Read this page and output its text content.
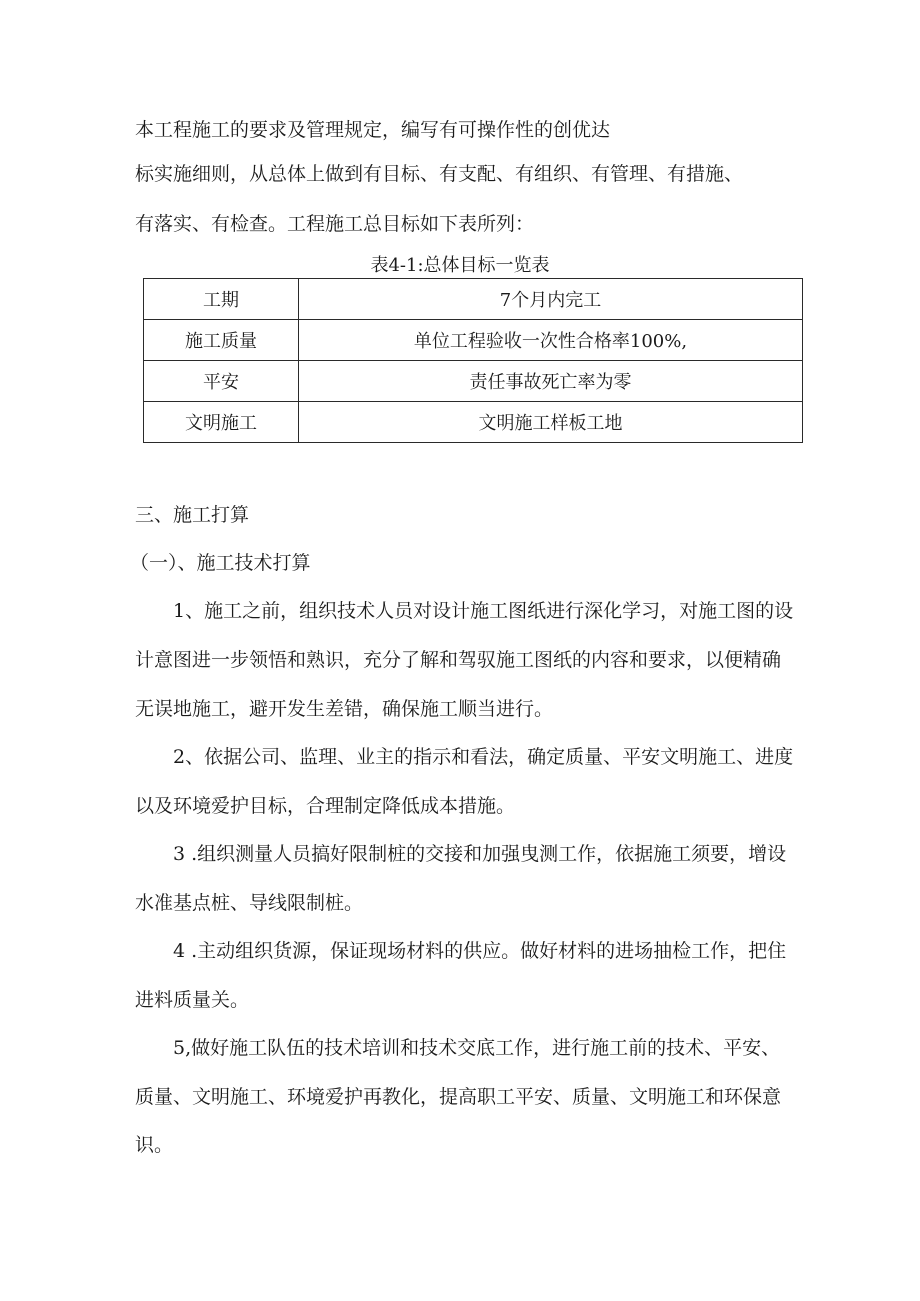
本工程施工的要求及管理规定，编写有可操作性的创优达

标实施细则，从总体上做到有目标、有支配、有组织、有管理、有措施、

有落实、有检查。工程施工总目标如下表所列：

表4-1:总体目标一览表
工期	7个月内完工
施工质量	单位工程验收一次性合格率100%,
平安	责任事故死亡率为零
文明施工	文明施工样板工地

三、施工打算

（一）、施工技术打算

1、施工之前，组织技术人员对设计施工图纸进行深化学习，对施工图的设

计意图进一步领悟和熟识，充分了解和驾驭施工图纸的内容和要求，以便精确

无误地施工，避开发生差错，确保施工顺当进行。

2、依据公司、监理、业主的指示和看法，确定质量、平安文明施工、进度

以及环境爱护目标，合理制定降低成本措施。

3 .组织测量人员搞好限制桩的交接和加强曳测工作，依据施工须要，增设

水准基点桩、导线限制桩。

4 .主动组织货源，保证现场材料的供应。做好材料的进场抽检工作，把住

进料质量关。

5,做好施工队伍的技术培训和技术交底工作，进行施工前的技术、平安、

质量、文明施工、环境爱护再教化，提高职工平安、质量、文明施工和环保意

识。
